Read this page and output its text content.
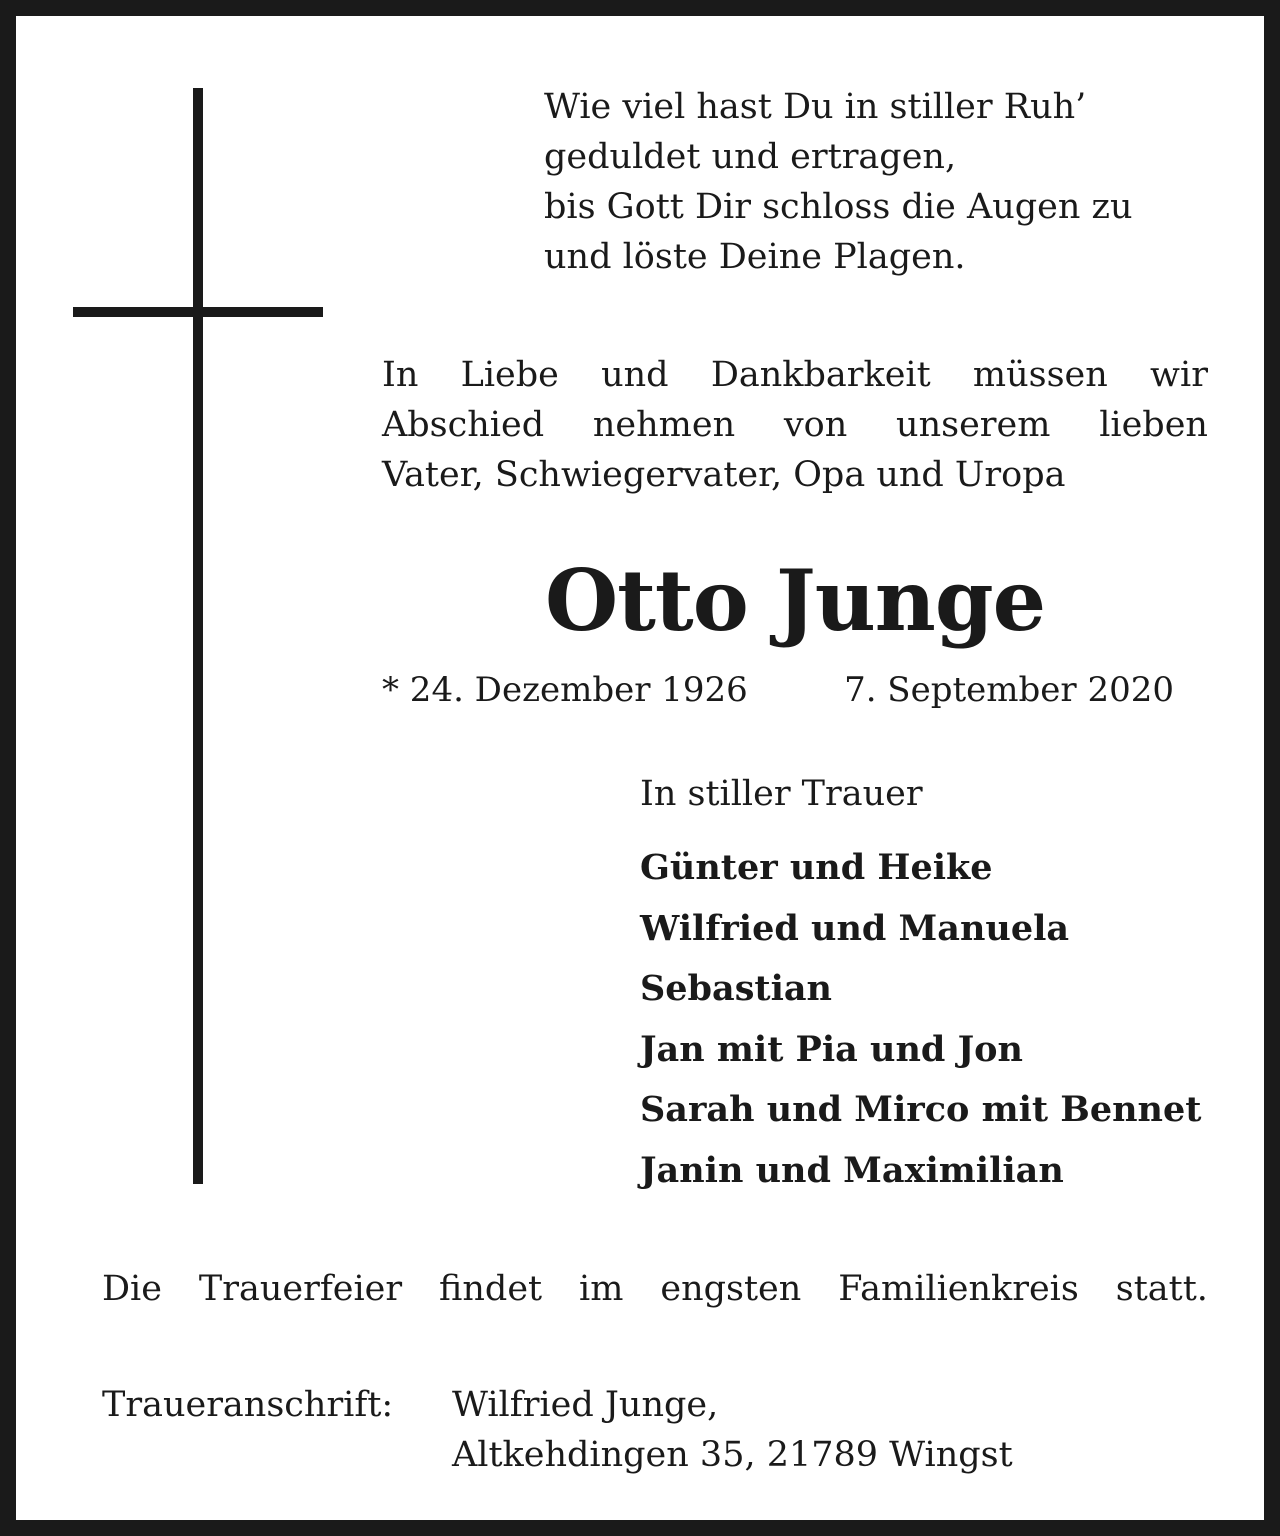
Wie viel hast Du in stiller Ruh’
geduldet und ertragen,
bis Gott Dir schloss die Augen zu
und löste Deine Plagen.
In Liebe und Dankbarkeit müssen wir
Abschied nehmen von unserem lieben
Vater, Schwiegervater, Opa und Uropa
Otto Junge
* 24. Dezember 1926	7. September 2020
In stiller Trauer
Günter und Heike
Wilfried und Manuela
Sebastian
Jan mit Pia und Jon
Sarah und Mirco mit Bennet
Janin und Maximilian
Die Trauerfeier findet im engsten Familienkreis statt.
Traueranschrift: Wilfried Junge,
Altkehdingen 35, 21789 Wingst
